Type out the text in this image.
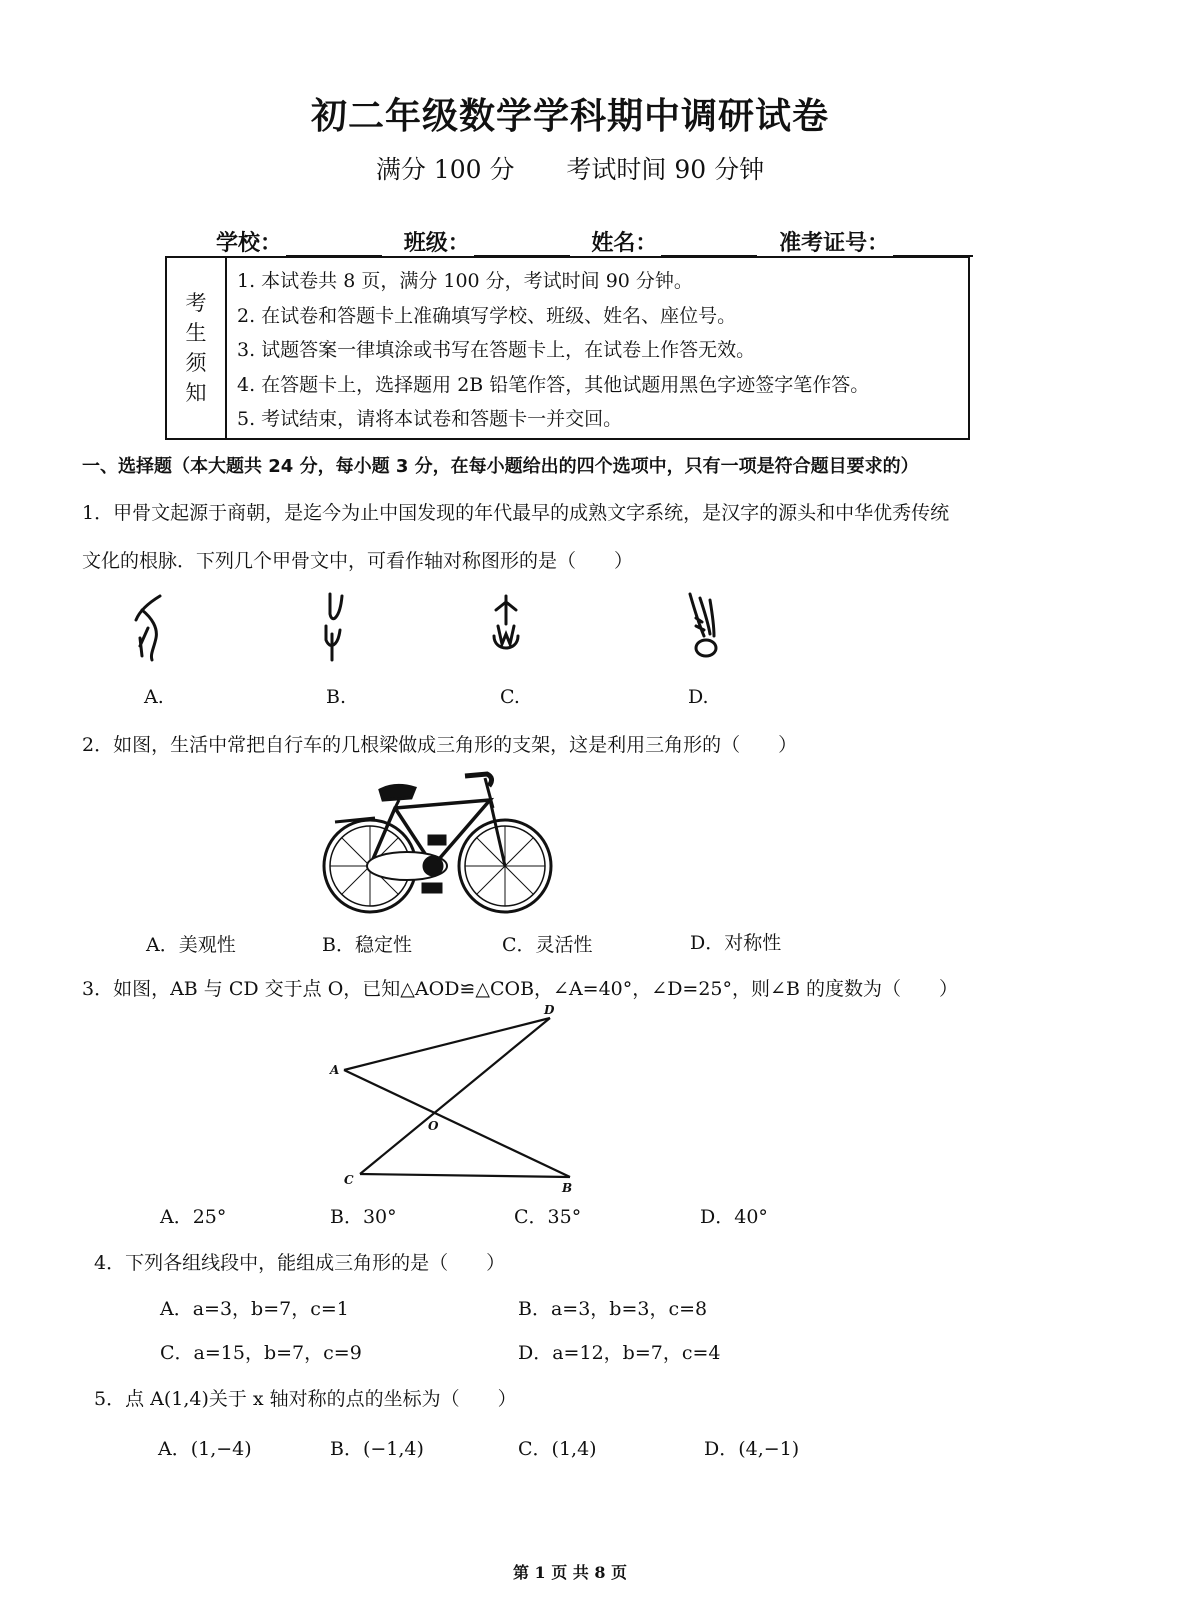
初二年级数学学科期中调研试卷
满分 100 分 考试时间 90 分钟
学校：	班级：	姓名：	准考证号：
考
生
须
知
1. 本试卷共 8 页，满分 100 分，考试时间 90 分钟。
2. 在试卷和答题卡上准确填写学校、班级、姓名、座位号。
3. 试题答案一律填涂或书写在答题卡上，在试卷上作答无效。
4. 在答题卡上，选择题用 2B 铅笔作答，其他试题用黑色字迹签字笔作答。
5. 考试结束，请将本试卷和答题卡一并交回。
一、选择题（本大题共 24 分，每小题 3 分，在每小题给出的四个选项中，只有一项是符合题目要求的）
1．甲骨文起源于商朝，是迄今为止中国发现的年代最早的成熟文字系统，是汉字的源头和中华优秀传统
文化的根脉．下列几个甲骨文中，可看作轴对称图形的是（　　）
A.	B.	C.	D.
2．如图，生活中常把自行车的几根梁做成三角形的支架，这是利用三角形的（　　）
A．美观性	B．稳定性	C．灵活性	D．对称性
3．如图，AB 与 CD 交于点 O，已知△AOD≌△COB，∠A=40°，∠D=25°，则∠B 的度数为（　　）
D
A
O
C
B
A．25°	B．30°	C．35°	D．40°
4．下列各组线段中，能组成三角形的是（　　）
A．a=3，b=7，c=1	B．a=3，b=3，c=8
C．a=15，b=7，c=9	D．a=12，b=7，c=4
5．点 A(1,4)关于 x 轴对称的点的坐标为（　　）
A．(1,−4)	B．(−1,4)	C．(1,4)	D．(4,−1)
第 1 页 共 8 页
